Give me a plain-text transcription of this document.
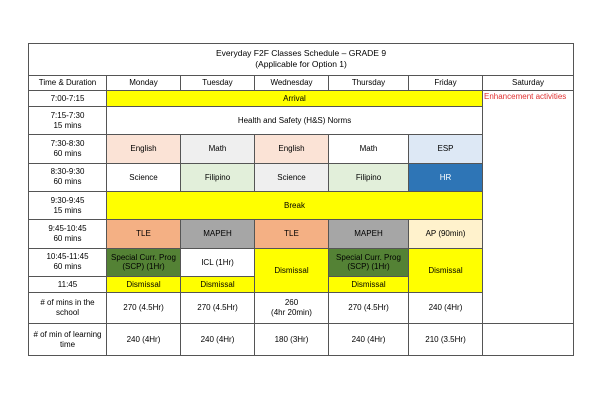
Everyday F2F Classes Schedule – GRADE 9
(Applicable for Option 1)							

Time & Duration	Monday	Tuesday	Wednesday	Thursday	Friday	Saturday	
7:00-7:15	Arrival					Enhancement activities	

7:15-7:30
15 mins	Health and Safety (H&S) Norms						

7:30-8:30
60 mins	English	Math	English	Math	ESP		

8:30-9:30
60 mins	Science	Filipino	Science	Filipino	HR		

9:30-9:45
15 mins	Break						

9:45-10:45
60 mins	TLE	MAPEH	TLE	MAPEH	AP (90min)		

10:45-11:45
60 mins	Special Curr. Prog (SCP) (1Hr)	ICL (1Hr)	Dismissal	Special Curr. Prog (SCP) (1Hr)	Dismissal		
11:45	Dismissal	Dismissal		Dismissal			
# of mins in the school	270 (4.5Hr)	270 (4.5Hr)	260
(4hr 20min)	270 (4.5Hr)	240 (4Hr)		
# of min of learning time	240 (4Hr)	240 (4Hr)	180 (3Hr)	240 (4Hr)	210 (3.5Hr)		
